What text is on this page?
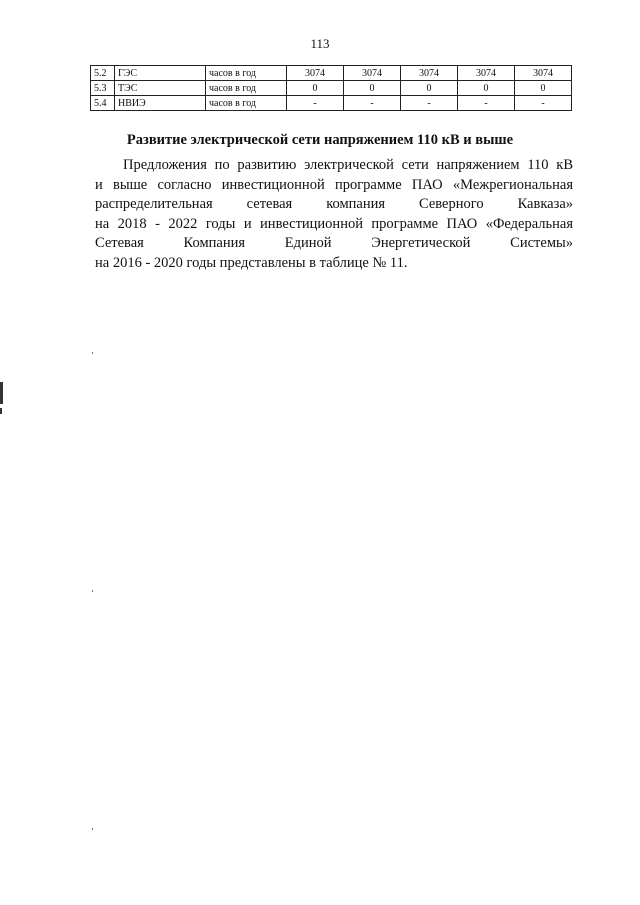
113
5.2	ГЭС	часов в год	3074	3074	3074	3074	3074
5.3	ТЭС	часов в год	0	0	0	0	0
5.4	НВИЭ	часов в год	-	-	-	-	-
Развитие электрической сети напряжением 110 кВ и выше
Предложения по развитию электрической сети напряжением 110 кВ
и выше согласно инвестиционной программе ПАО «Межрегиональная
распределительная сетевая компания Северного Кавказа»
на 2018 - 2022 годы и инвестиционной программе ПАО «Федеральная
Сетевая Компания Единой Энергетической Системы»
на 2016 - 2020 годы представлены в таблице № 11.
